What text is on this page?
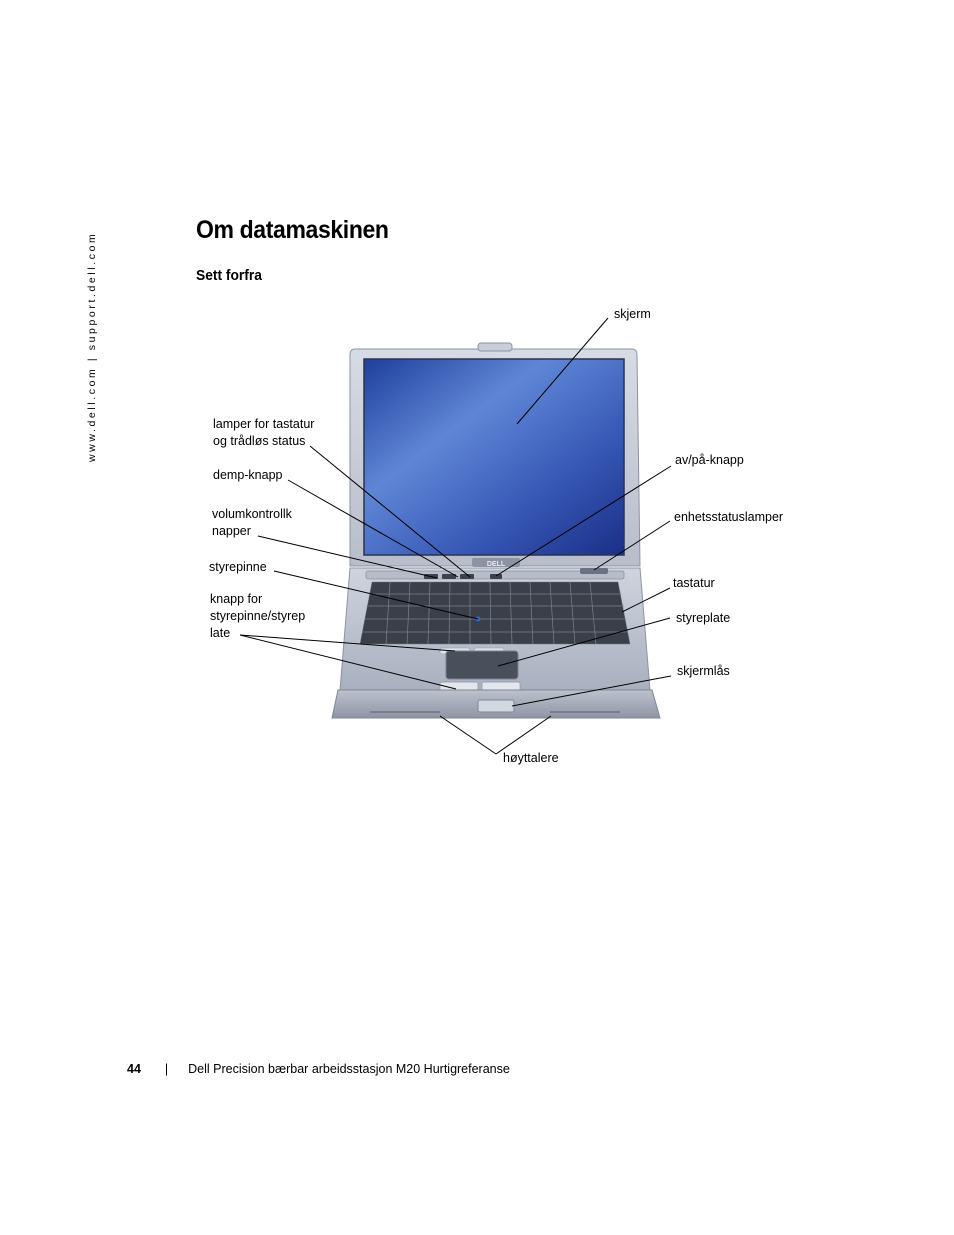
www.dell.com | support.dell.com
Om datamaskinen
Sett forfra
DELL
skjerm
lamper for tastatur
og trådløs status
demp-knapp
volumkontrollk
napper
styrepinne
knapp for
styrepinne/styrep
late
av/på-knapp
enhetsstatuslamper
tastatur
styreplate
skjermlås
høyttalere
44 | Dell Precision bærbar arbeidsstasjon M20 Hurtigreferanse
